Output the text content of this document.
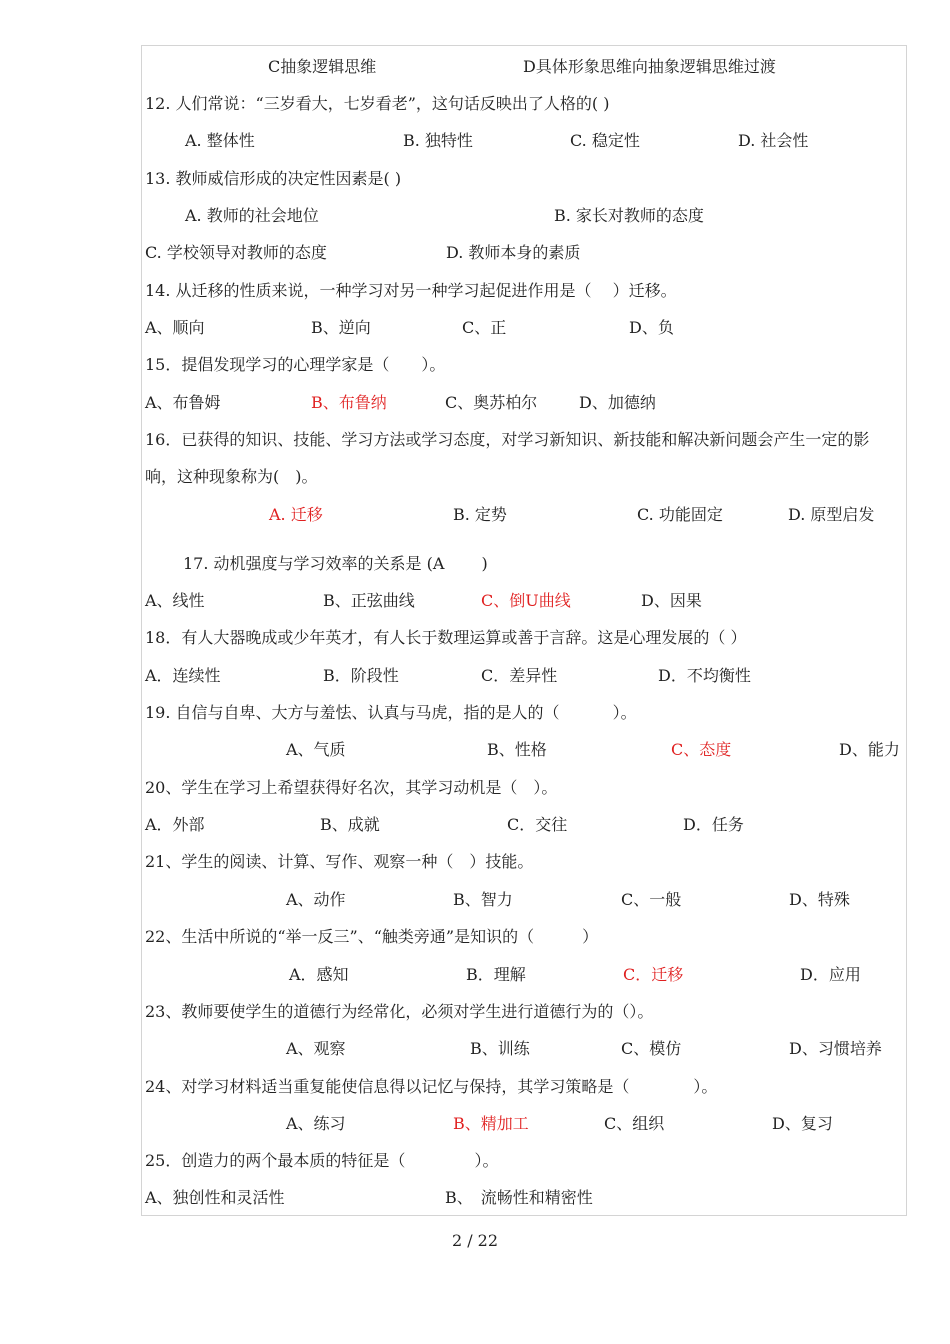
C抽象逻辑思维	D具体形象思维向抽象逻辑思维过渡
12. 人们常说：“三岁看大，七岁看老”，这句话反映出了人格的( )
A. 整体性	B. 独特性	C. 稳定性	D. 社会性
13. 教师威信形成的决定性因素是( )
A. 教师的社会地位	B. 家长对教师的态度
C. 学校领导对教师的态度	D. 教师本身的素质
14. 从迁移的性质来说，一种学习对另一种学习起促进作用是（　 ）迁移。
A、顺向	B、逆向	C、正	D、负
15．提倡发现学习的心理学家是（　　）。
A、布鲁姆	B、布鲁纳	C、奥苏柏尔	D、加德纳
16．已获得的知识、技能、学习方法或学习态度，对学习新知识、新技能和解决新问题会产生一定的影
响，这种现象称为(　)。
A. 迁移	B. 定势	C. 功能固定	D. 原型启发
17. 动机强度与学习效率的关系是 (A　　 )
A、线性	B、正弦曲线	C、倒U曲线	D、因果
18．有人大器晚成或少年英才，有人长于数理运算或善于言辞。这是心理发展的（ ）
A．连续性	B．阶段性	C．差异性	D．不均衡性
19. 自信与自卑、大方与羞怯、认真与马虎，指的是人的（　　　 ）。
A、气质	B、性格	C、态度	D、能力
20、学生在学习上希望获得好名次，其学习动机是（　）。
A．外部	B、成就	C．交往	D．任务
21、学生的阅读、计算、写作、观察一种（　）技能。
A、动作	B、智力	C、一般	D、特殊
22、生活中所说的“举一反三”、“触类旁通”是知识的（　　　）
A．感知	B．理解	C．迁移	D．应用
23、教师要使学生的道德行为经常化，必须对学生进行道德行为的（）。
A、观察	B、训练	C、模仿	D、习惯培养
24、对学习材料适当重复能使信息得以记忆与保持，其学习策略是（　　　　）。
A、练习	B、精加工	C、组织	D、复习
25．创造力的两个最本质的特征是（　　　　 ）。
A、独创性和灵活性	B、　流畅性和精密性
2 / 22
